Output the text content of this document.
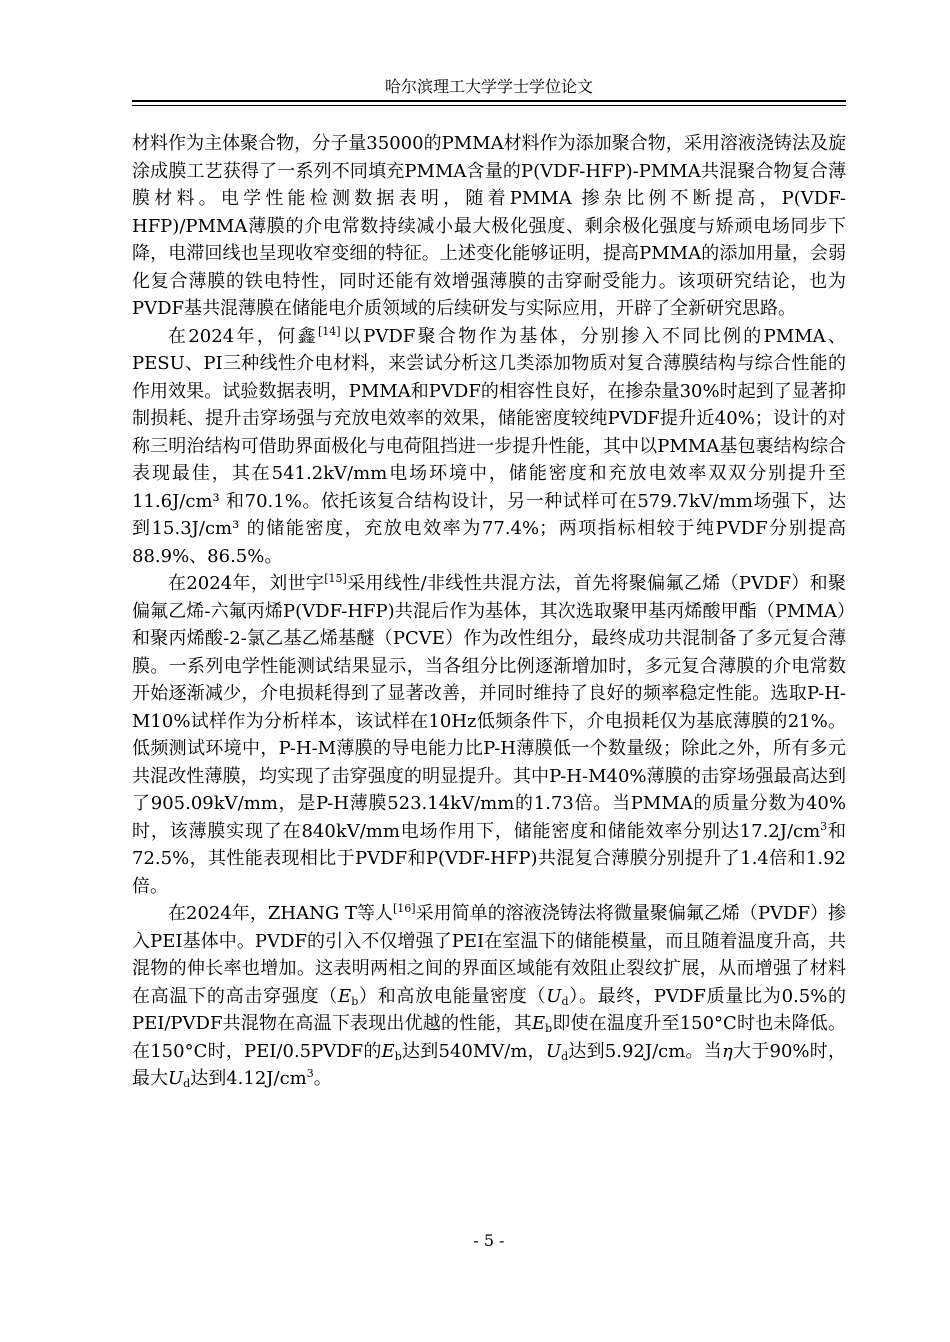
哈尔滨理工大学学士学位论文

材料作为主体聚合物，分子量35000的PMMA材料作为添加聚合物，采用溶液浇铸法及旋涂成膜工艺获得了一系列不同填充PMMA含量的P(VDF-HFP)-PMMA共混聚合物复合薄膜材料。电学性能检测数据表明，随着PMMA 掺杂比例不断提高，P(VDF-HFP)/PMMA薄膜的介电常数持续减小最大极化强度、剩余极化强度与矫顽电场同步下降，电滞回线也呈现收窄变细的特征。上述变化能够证明，提高PMMA的添加用量，会弱化复合薄膜的铁电特性，同时还能有效增强薄膜的击穿耐受能力。该项研究结论，也为PVDF基共混薄膜在储能电介质领域的后续研发与实际应用，开辟了全新研究思路。

在2024年，何鑫[14]以PVDF聚合物作为基体，分别掺入不同比例的PMMA、PESU、PI三种线性介电材料，来尝试分析这几类添加物质对复合薄膜结构与综合性能的作用效果。试验数据表明，PMMA和PVDF的相容性良好，在掺杂量30%时起到了显著抑制损耗、提升击穿场强与充放电效率的效果，储能密度较纯PVDF提升近40%；设计的对称三明治结构可借助界面极化与电荷阻挡进一步提升性能，其中以PMMA基包裹结构综合表现最佳，其在541.2kV/mm电场环境中，储能密度和充放电效率双双分别提升至11.6J/cm³ 和70.1%。依托该复合结构设计，另一种试样可在579.7kV/mm场强下，达到15.3J/cm³ 的储能密度，充放电效率为77.4%；两项指标相较于纯PVDF分别提高88.9%、86.5%。

在2024年，刘世宇[15]采用线性/非线性共混方法，首先将聚偏氟乙烯（PVDF）和聚偏氟乙烯-六氟丙烯P(VDF-HFP)共混后作为基体，其次选取聚甲基丙烯酸甲酯（PMMA）和聚丙烯酸-2-氯乙基乙烯基醚（PCVE）作为改性组分，最终成功共混制备了多元复合薄膜。一系列电学性能测试结果显示，当各组分比例逐渐增加时，多元复合薄膜的介电常数开始逐渐减少，介电损耗得到了显著改善，并同时维持了良好的频率稳定性能。选取P-H-M10%试样作为分析样本，该试样在10Hz低频条件下，介电损耗仅为基底薄膜的21%。低频测试环境中，P-H-M薄膜的导电能力比P-H薄膜低一个数量级；除此之外，所有多元共混改性薄膜，均实现了击穿强度的明显提升。其中P-H-M40%薄膜的击穿场强最高达到了905.09kV/mm，是P-H薄膜523.14kV/mm的1.73倍。当PMMA的质量分数为40%时，该薄膜实现了在840kV/mm电场作用下，储能密度和储能效率分别达$17.2J/cm^3$和72.5%，其性能表现相比于PVDF和P(VDF-HFP)共混复合薄膜分别提升了1.4倍和1.92倍。

在2024年，ZHANG T等人[16]采用简单的溶液浇铸法将微量聚偏氟乙烯（PVDF）掺入PEI基体中。PVDF的引入不仅增强了PEI在室温下的储能模量，而且随着温度升高，共混物的伸长率也增加。这表明两相之间的界面区域能有效阻止裂纹扩展，从而增强了材料在高温下的高击穿强度$(E_b)$和高放电能量密度$(U_d)$。最终，PVDF质量比为0.5%的PEI/PVDF共混物在高温下表现出优越的性能，其$E_b$即使在温度升至150°C时也未降低。在150°C时，PEI/0.5PVDF的$E_b$达到540MV/m，$U_d$达到5.92J/cm。当η大于90%时，最大$U_d$达到$4.12J/cm^3$。

- 5 -
